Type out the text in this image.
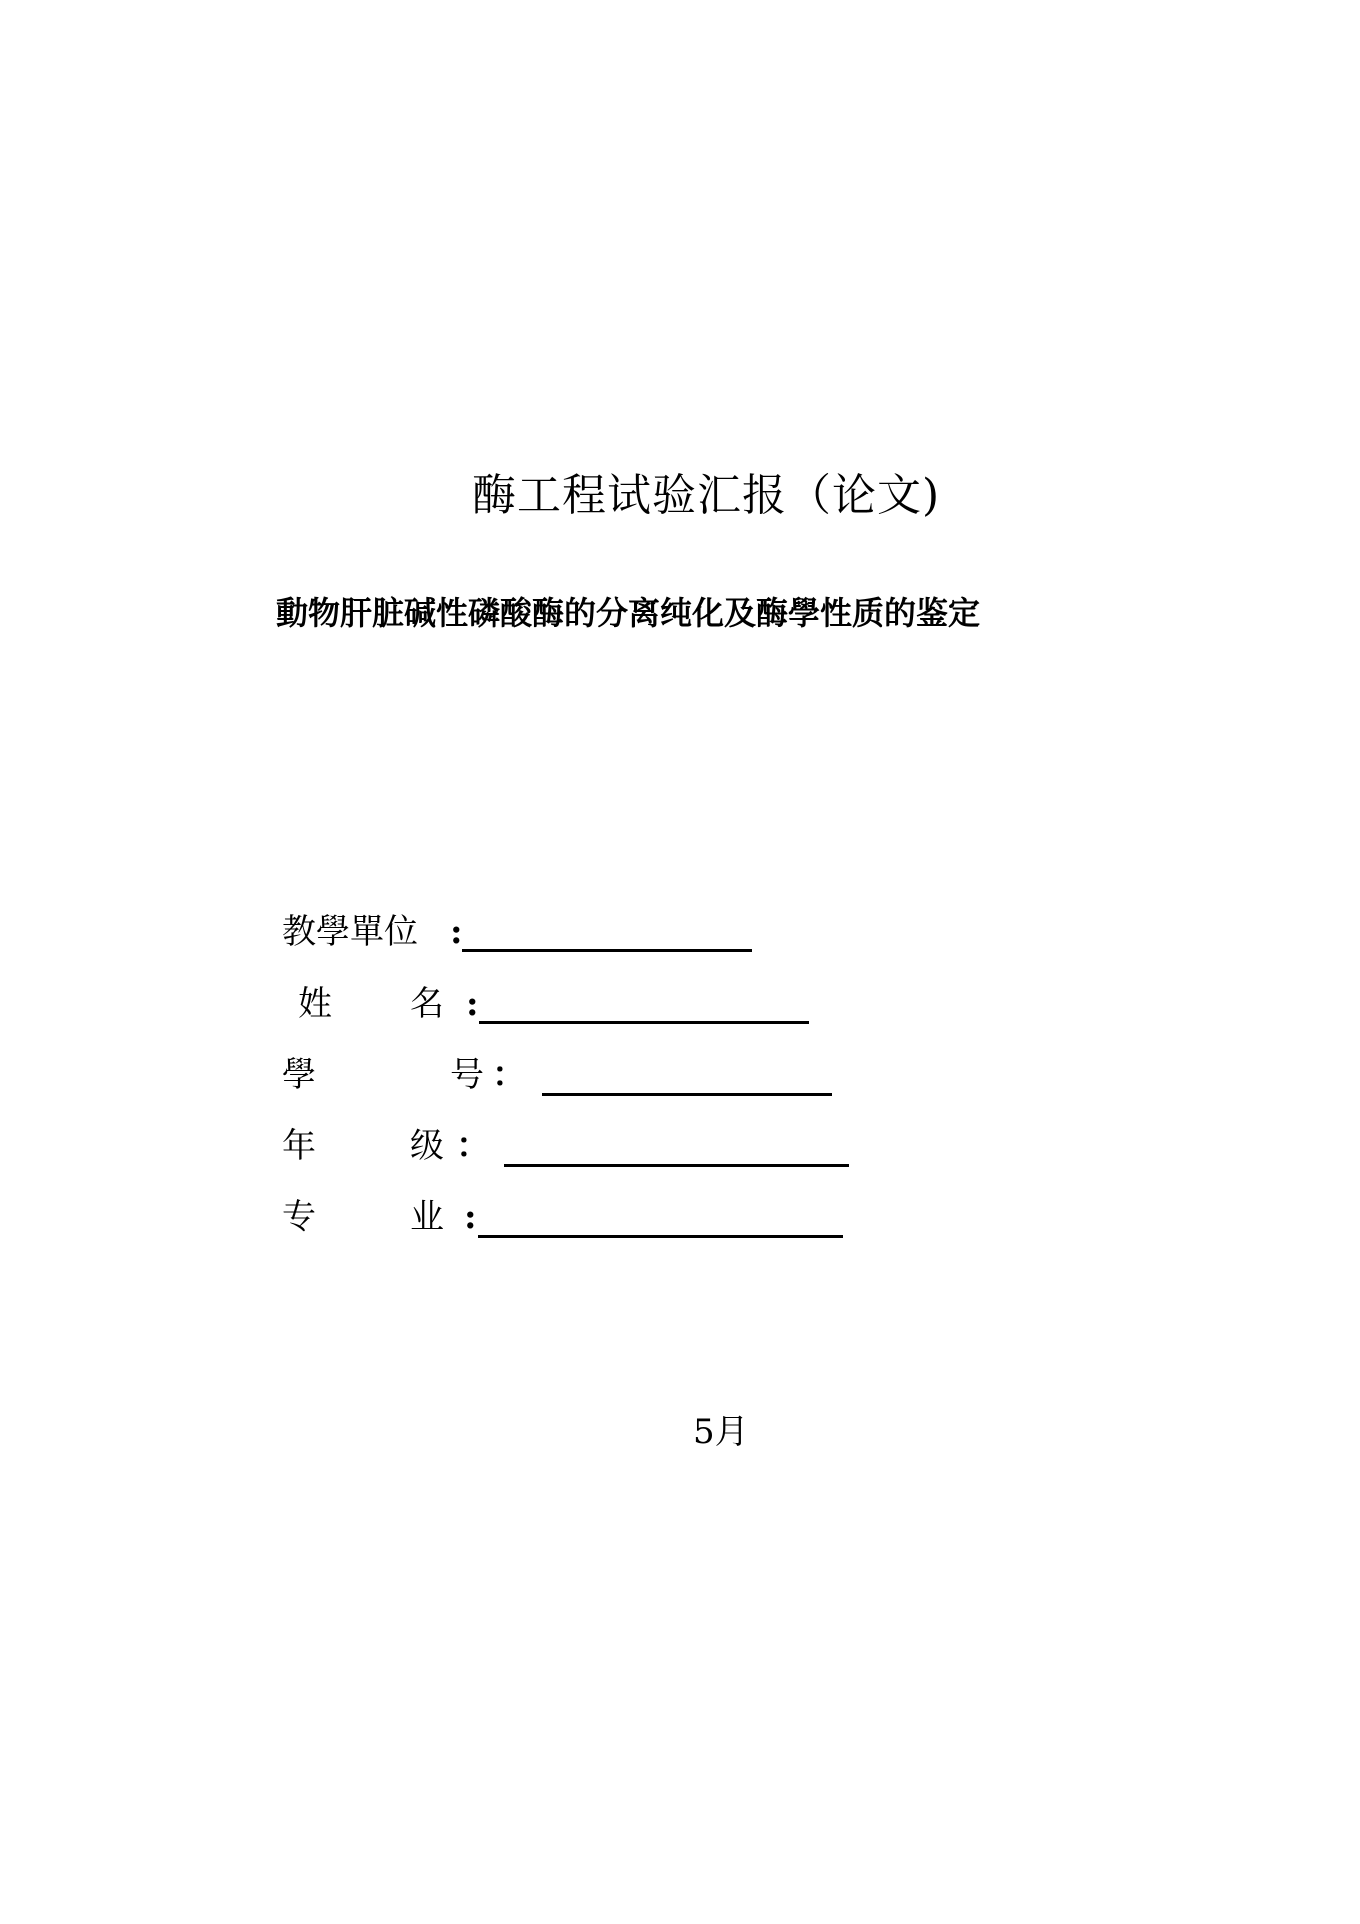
酶工程试验汇报（论文)
動物肝脏碱性磷酸酶的分离纯化及酶學性质的鉴定
教學單位 :
姓 名 :
學	号 ：
年	级 ：
专	业 :
5月
